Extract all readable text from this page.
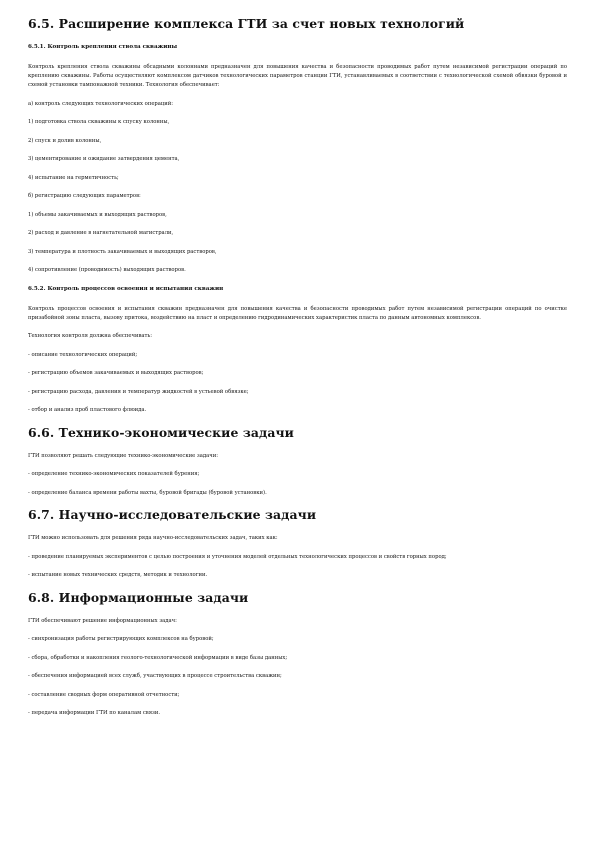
6.5. Расширение комплекса ГТИ за счет новых технологий
6.5.1. Контроль крепления ствола скважины

Контроль крепления ствола скважины обсадными колоннами предназначен для повышения качества и безопасности проводимых работ путем независимой регистрации операций по креплению скважины. Работы осуществляют комплексом датчиков технологических параметров станции ГТИ, устанавливаемых в соответствии с технологической схемой обвязки буровой и схемой установки тампонажной техники. Технология обеспечивает:

а) контроль следующих технологических операций:

1) подготовка ствола скважины к спуску колонны,

2) спуск и долив колонны,

3) цементирование и ожидание затвердения цемента,

4) испытание на герметичность;

б) регистрацию следующих параметров:

1) объемы закачиваемых и выходящих растворов,

2) расход и давление в нагнетательной магистрали,

3) температура и плотность закачиваемых и выходящих растворов,

4) сопротивление (проводимость) выходящих растворов.

6.5.2. Контроль процессов освоения и испытания скважин

Контроль процессов освоения и испытания скважин предназначен для повышения качества и безопасности проводимых работ путем независимой регистрации операций по очистке призабойной зоны пласта, вызову притока, воздействию на пласт и определению гидродинамических характеристик пласта по данным автономных комплексов.

Технология контроля должна обеспечивать:

- описание технологических операций;

- регистрацию объемов закачиваемых и выходящих растворов;

- регистрацию расхода, давления и температур жидкостей в устьевой обвязке;

- отбор и анализ проб пластового флюида.

6.6. Технико-экономические задачи

ГТИ позволяют решать следующие технико-экономические задачи:

- определение технико-экономических показателей бурения;

- определение баланса времени работы вахты, буровой бригады (буровой установки).

6.7. Научно-исследовательские задачи

ГТИ можно использовать для решения ряда научно-исследовательских задач, таких как:

- проведение планируемых экспериментов с целью построения и уточнения моделей отдельных технологических процессов и свойств горных пород;

- испытание новых технических средств, методик и технологии.

6.8. Информационные задачи

ГТИ обеспечивают решение информационных задач:

- синхронизация работы регистрирующих комплексов на буровой;

- сбора, обработки и накопления геолого-технологической информации в виде базы данных;

- обеспечения информацией всех служб, участвующих в процессе строительства скважин;

- составление сводных форм оперативной отчетности;

- передача информации ГТИ по каналам связи.
